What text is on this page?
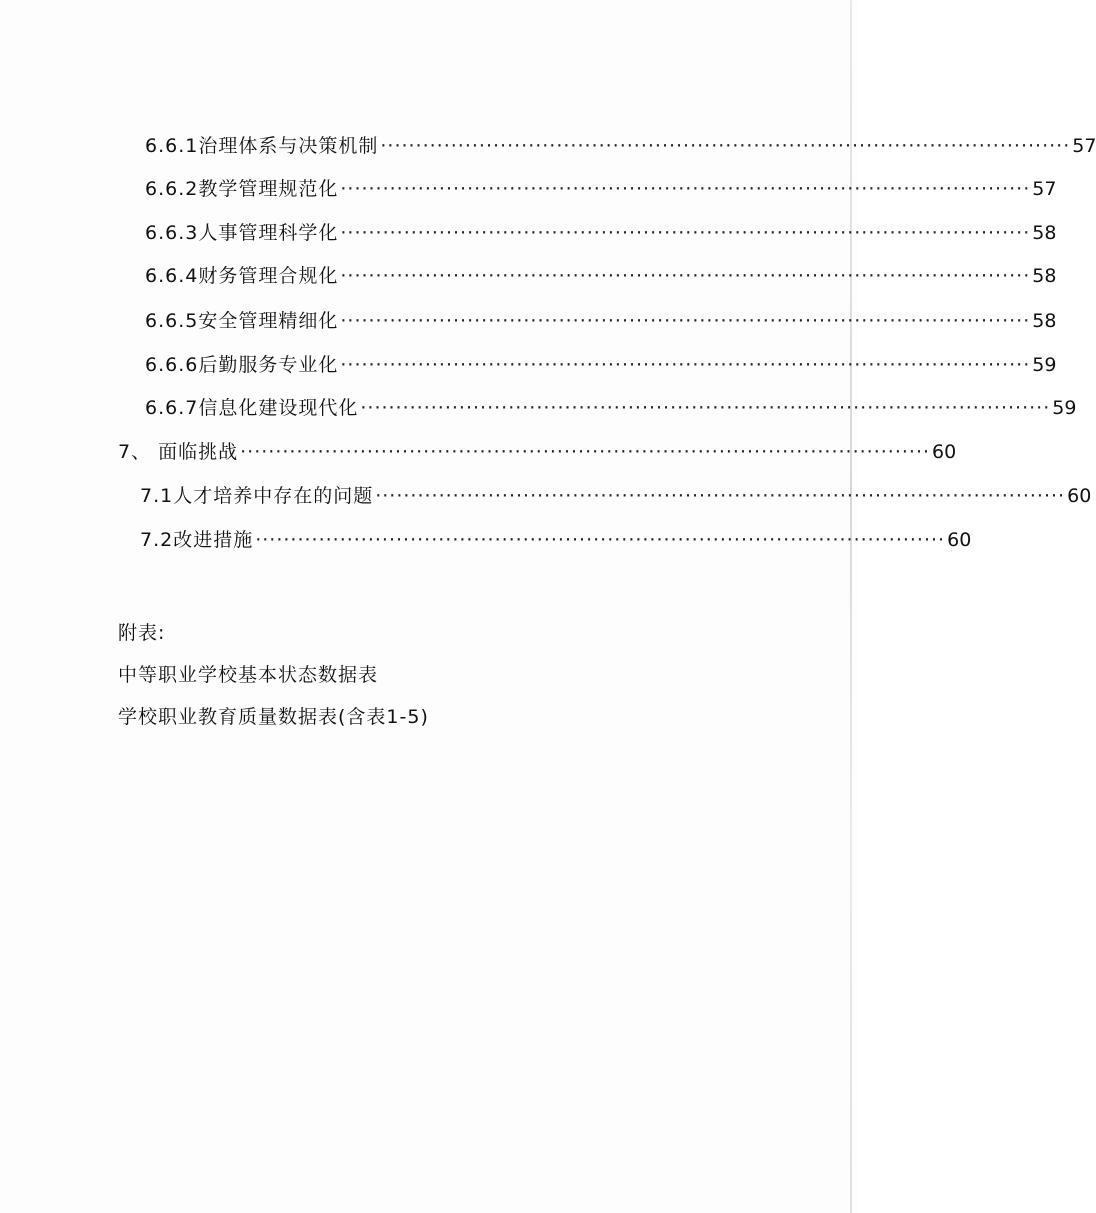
6.6.1治理体系与决策机制 ·································································································· 57
6.6.2教学管理规范化 ·································································································· 57
6.6.3人事管理科学化 ·································································································· 58
6.6.4财务管理合规化 ·································································································· 58
6.6.5安全管理精细化 ·································································································· 58
6.6.6后勤服务专业化 ·································································································· 59
6.6.7信息化建设现代化 ·································································································· 59
7、 面临挑战 ·································································································· 60
7.1人才培养中存在的问题 ·································································································· 60
7.2改进措施 ·································································································· 60
附表:
中等职业学校基本状态数据表
学校职业教育质量数据表(含表1-5)
